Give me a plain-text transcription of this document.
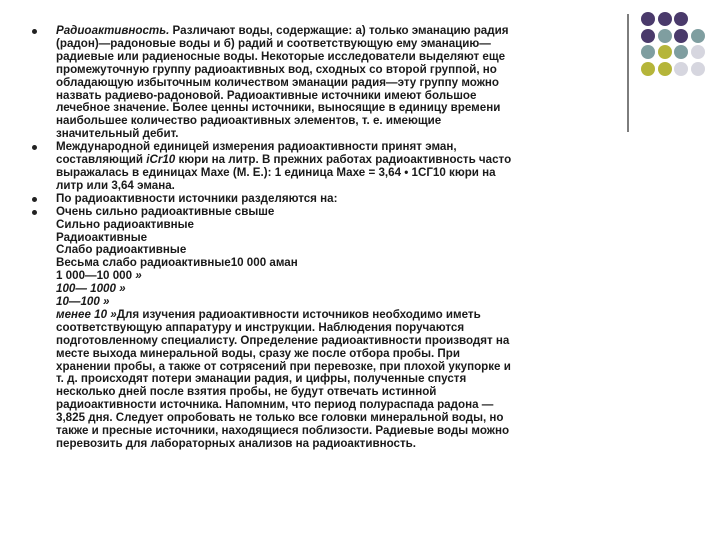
Радиоактивность. Различают воды, содержащие: а) только эманацию радия
(радон)—радоновые воды и б) радий и соответствующую ему эманацию—
радиевые или радиеносные воды. Некоторые исследователи выделяют еще
промежуточную группу радиоактивных вод, сходных со второй группой, но
обладающую избыточным количеством эманации радия—эту группу можно
назвать радиево-радоновой. Радиоактивные источники имеют большое
лечебное значение. Более ценны источники, выносящие в единицу времени
наибольшее количество радиоактивных элементов, т. е. имеющие
значительный дебит.
Международной единицей измерения радиоактивности принят эман,
составляющий iCr10 кюри на литр. В прежних работах радиоактивность часто
выражалась в единицах Махе (М. Е.): 1 единица Махе = 3,64 • 1СГ10 кюри на
литр или 3,64 эмана.
По радиоактивности источники разделяются на:
Очень сильно радиоактивные свыше
Сильно радиоактивные
Радиоактивные
Слабо радиоактивные
Весьма слабо радиоактивные10 000 аман
1 000—10 000 »
100— 1000 »
10—100 »
менее 10 »Для изучения радиоактивности источников необходимо иметь
соответствующую аппаратуру и инструкции. Наблюдения поручаются
подготовленному специалисту. Определение радиоактивности производят на
месте выхода минеральной воды, сразу же после отбора пробы. При
хранении пробы, а также от сотрясений при перевозке, при плохой укупорке и
т. д. происходят потери эманации радия, и цифры, полученные спустя
несколько дней после взятия пробы, не будут отвечать истинной
радиоактивности источника. Напомним, что период полураспада радона —
3,825 дня. Следует опробовать не только все головки минеральной воды, но
также и пресные источники, находящиеся поблизости. Радиевые воды можно
перевозить для лабораторных анализов на радиоактивность.
